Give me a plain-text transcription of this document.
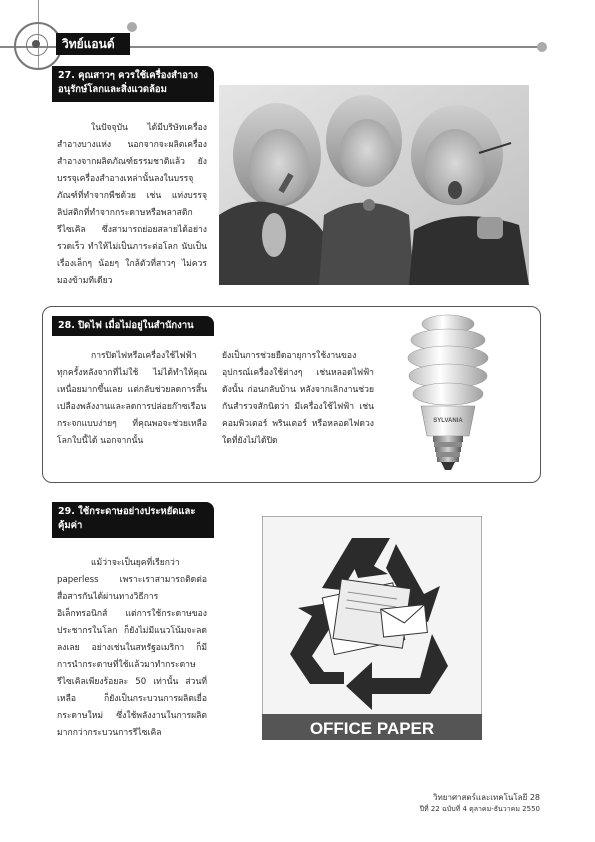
วิทย์แอนด์
27. คุณสาวๆ ควรใช้เครื่องสำอาง
อนุรักษ์โลกและสิ่งแวดล้อม
ในปัจจุบัน ได้มีบริษัทเครื่องสำอางบางแห่ง นอกจากจะผลิตเครื่องสำอางจากผลิตภัณฑ์ธรรมชาติแล้ว ยังบรรจุเครื่องสำอางเหล่านั้นลงในบรรจุภัณฑ์ที่ทำจากพืชด้วย เช่น แท่งบรรจุลิปสติกที่ทำจากกระดาษหรือพลาสติกรีไซเคิล ซึ่งสามารถย่อยสลายได้อย่างรวดเร็ว ทำให้ไม่เป็นภาระต่อโลก นับเป็นเรื่องเล็กๆ น้อยๆ ใกล้ตัวที่สาวๆ ไม่ควรมองข้ามทีเดียว
28. ปิดไฟ เมื่อไม่อยู่ในสำนักงาน
การปิดไฟหรือเครื่องใช้ไฟฟ้าทุกครั้งหลังจากที่ไม่ใช้ ไม่ได้ทำให้คุณเหนื่อยมากขึ้นเลย แต่กลับช่วยลดการสิ้นเปลืองพลังงานและลดการปล่อยก๊าซเรือนกระจกแบบง่ายๆ ที่คุณพอจะช่วยเหลือโลกใบนี้ได้ นอกจากนั้น
ยังเป็นการช่วยยืดอายุการใช้งานของอุปกรณ์เครื่องใช้ต่างๆ เช่นหลอดไฟฟ้า ดังนั้น ก่อนกลับบ้าน หลังจากเลิกงานช่วยกันสำรวจสักนิดว่า มีเครื่องใช้ไฟฟ้า เช่น คอมพิวเตอร์ พรินเตอร์ หรือหลอดไฟดวงใดที่ยังไม่ได้ปิด
SYLVANIA
29. ใช้กระดาษอย่างประหยัดและ
คุ้มค่า
แม้ว่าจะเป็นยุคที่เรียกว่า paperless เพราะเราสามารถติดต่อสื่อสารกันได้ผ่านทางวิธีการอิเล็กทรอนิกส์ แต่การใช้กระดาษของประชากรในโลก ก็ยังไม่มีแนวโน้มจะลดลงเลย อย่างเช่นในสหรัฐอเมริกา ก็มีการนำกระดาษที่ใช้แล้วมาทำกระดาษรีไซเคิลเพียงร้อยละ 50 เท่านั้น ส่วนที่เหลือ ก็ยังเป็นกระบวนการผลิตเยื่อกระดาษใหม่ ซึ่งใช้พลังงานในการผลิตมากกว่ากระบวนการรีไซเคิล	OFFICE PAPER
วิทยาศาสตร์และเทคโนโลยี 28
ปีที่ 22 ฉบับที่ 4 ตุลาคม-ธันวาคม 2550
